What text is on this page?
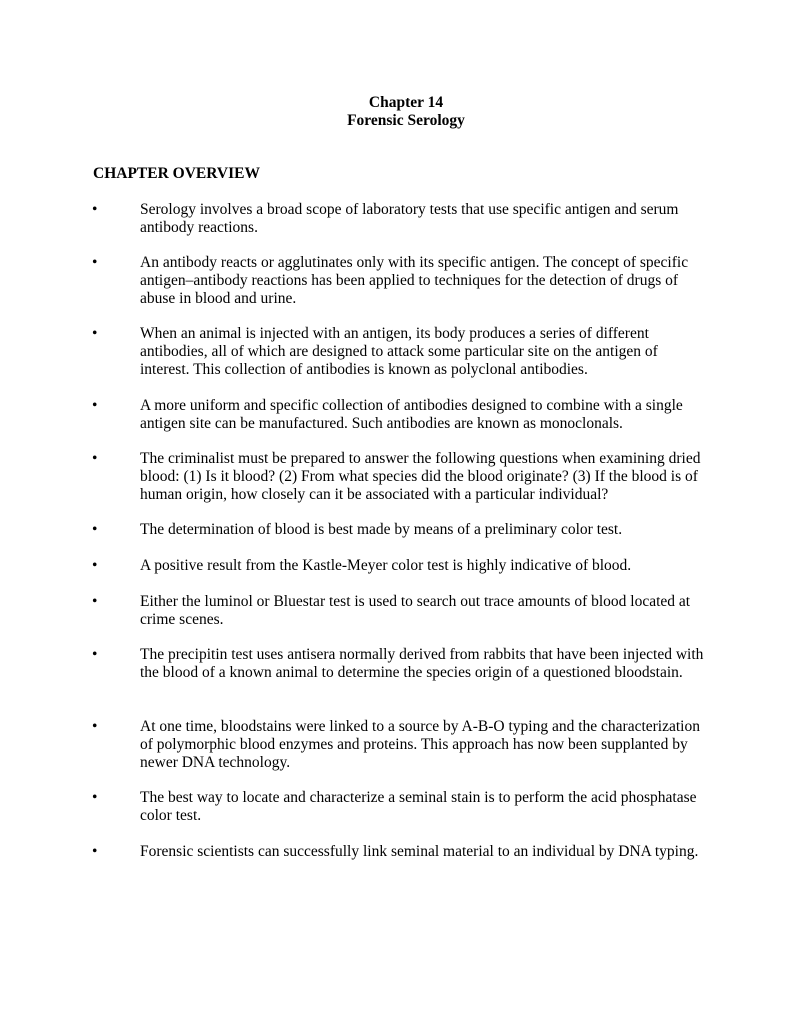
Chapter 14
Forensic Serology
CHAPTER OVERVIEW
•	Serology involves a broad scope of laboratory tests that use specific antigen and serum antibody reactions.

•	An antibody reacts or agglutinates only with its specific antigen. The concept of specific antigen–antibody reactions has been applied to techniques for the detection of drugs of abuse in blood and urine.

•	When an animal is injected with an antigen, its body produces a series of different antibodies, all of which are designed to attack some particular site on the antigen of interest. This collection of antibodies is known as polyclonal antibodies.

•	A more uniform and specific collection of antibodies designed to combine with a single antigen site can be manufactured. Such antibodies are known as monoclonals.

•	The criminalist must be prepared to answer the following questions when examining dried blood: (1) Is it blood? (2) From what species did the blood originate? (3) If the blood is of human origin, how closely can it be associated with a particular individual?

•	The determination of blood is best made by means of a preliminary color test.

•	A positive result from the Kastle-Meyer color test is highly indicative of blood.

•	Either the luminol or Bluestar test is used to search out trace amounts of blood located at crime scenes.

•	The precipitin test uses antisera normally derived from rabbits that have been injected with the blood of a known animal to determine the species origin of a questioned bloodstain.

•	At one time, bloodstains were linked to a source by A-B-O typing and the characterization of polymorphic blood enzymes and proteins. This approach has now been supplanted by newer DNA technology.

•	The best way to locate and characterize a seminal stain is to perform the acid phosphatase color test.

•	Forensic scientists can successfully link seminal material to an individual by DNA typing.
